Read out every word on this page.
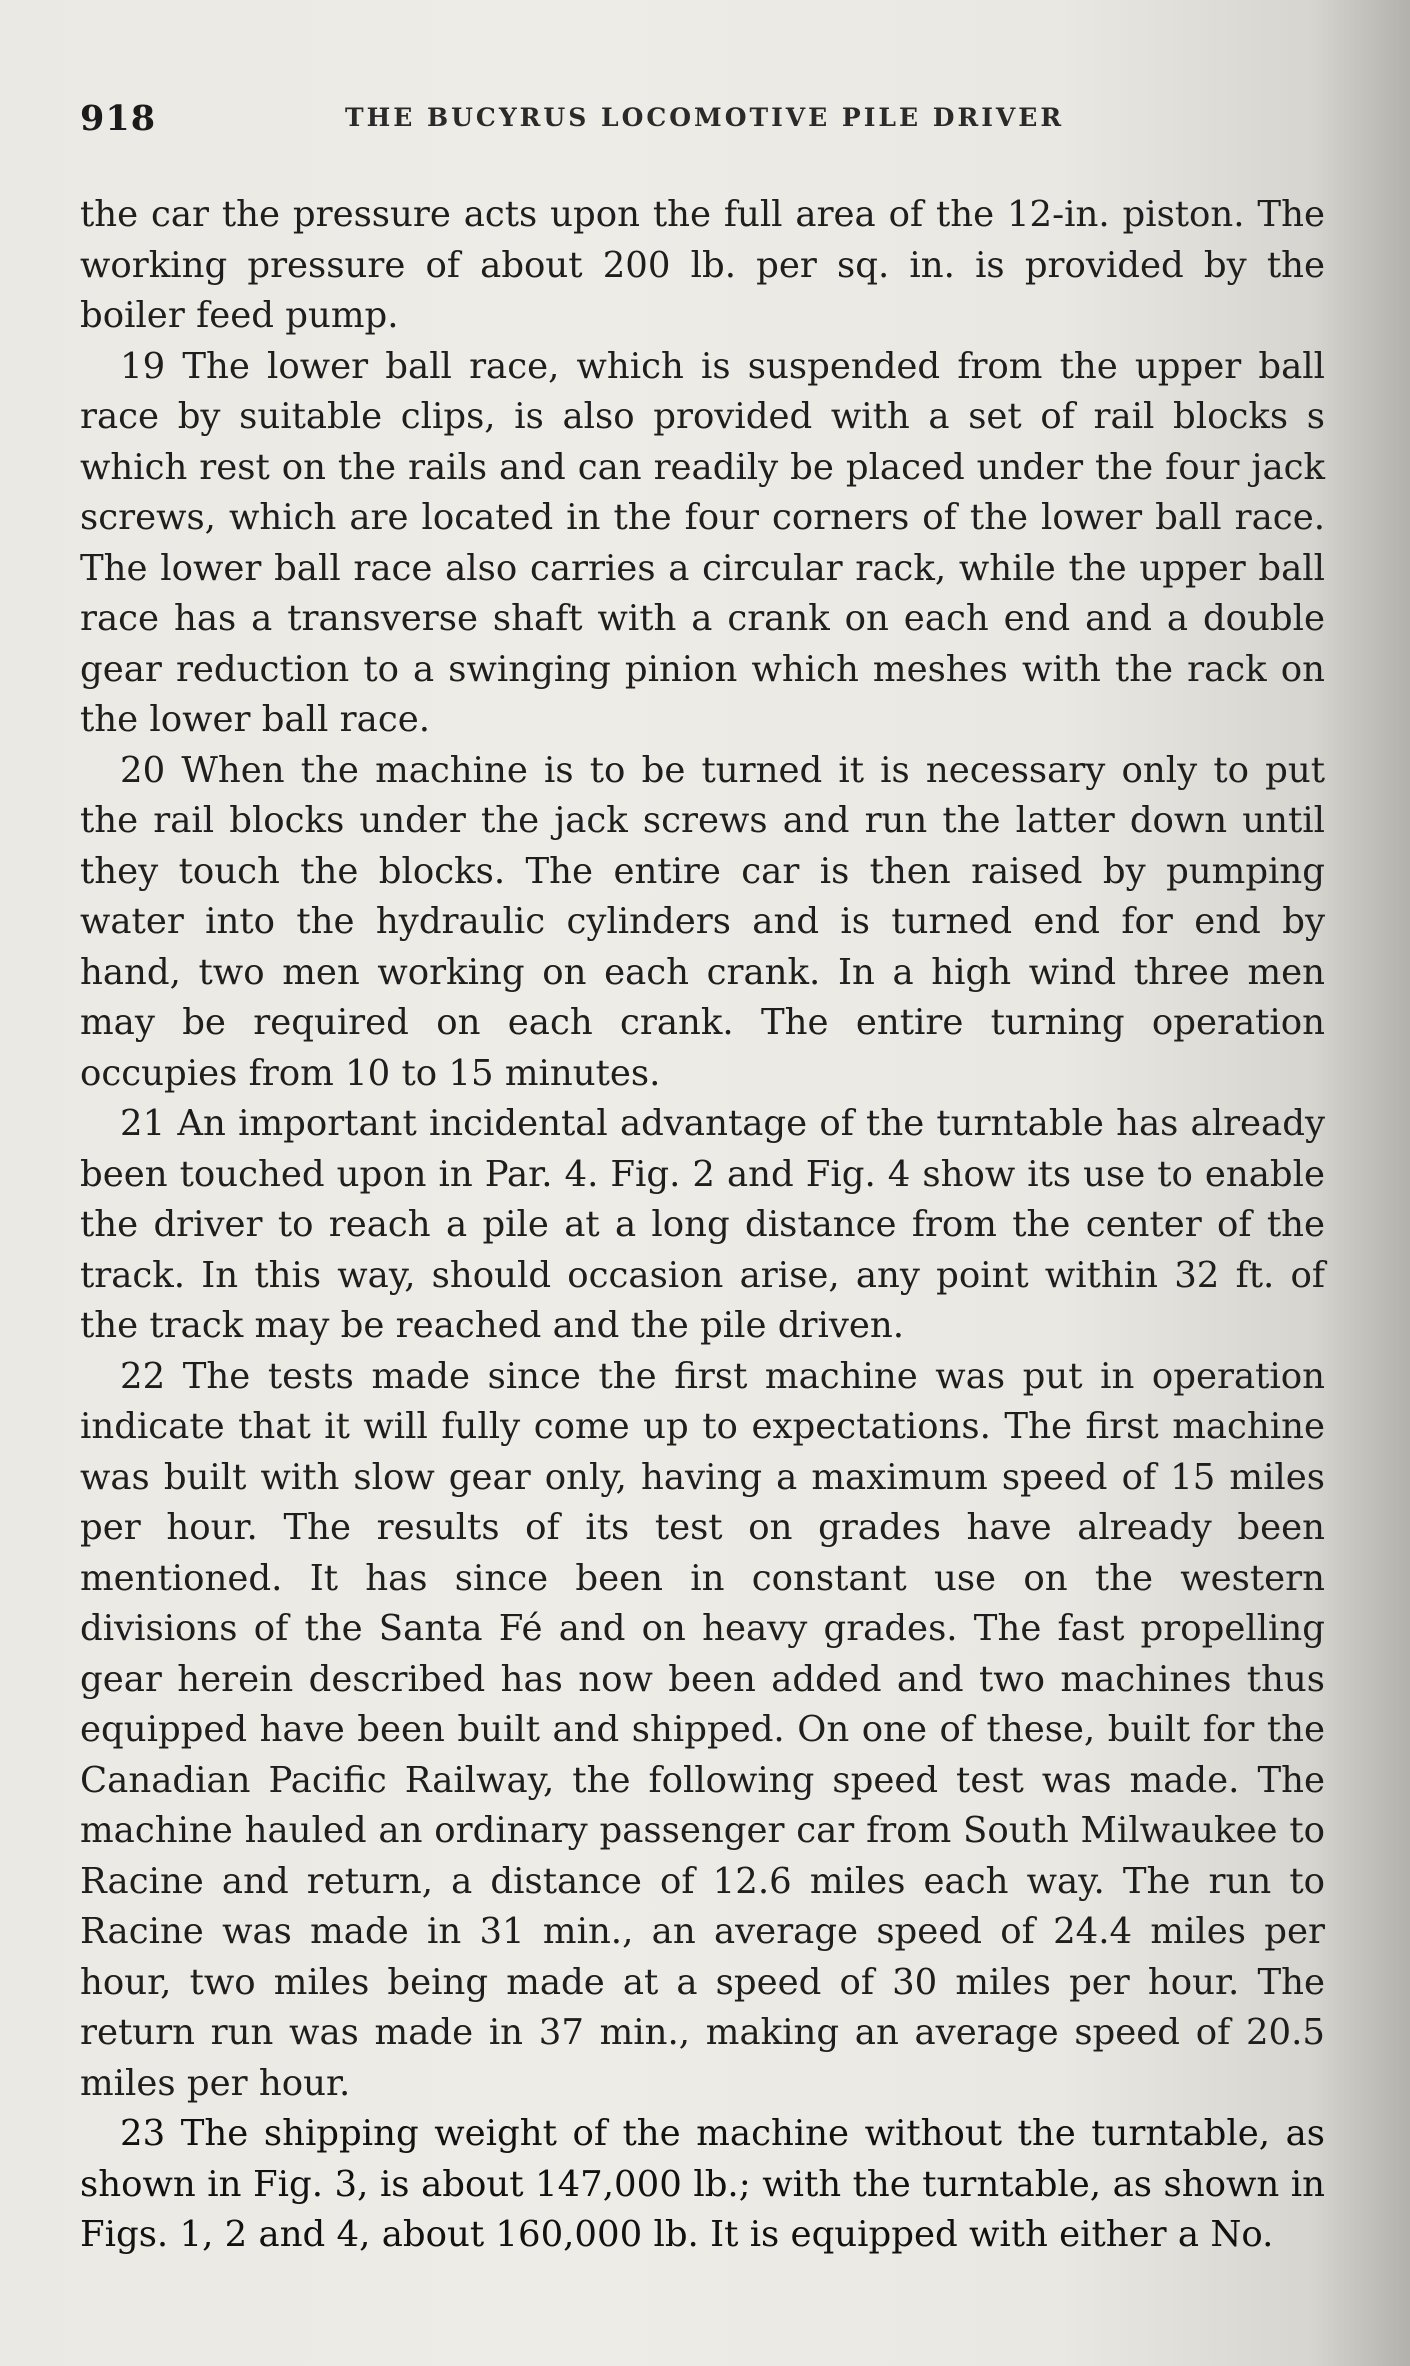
918	THE BUCYRUS LOCOMOTIVE PILE DRIVER

the car the pressure acts upon the full area of the 12-in. piston. The working pressure of about 200 lb. per sq. in. is provided by the boiler feed pump.

19 The lower ball race, which is suspended from the upper ball race by suitable clips, is also provided with a set of rail blocks s which rest on the rails and can readily be placed under the four jack screws, which are located in the four corners of the lower ball race. The lower ball race also carries a circular rack, while the upper ball race has a transverse shaft with a crank on each end and a double gear reduction to a swinging pinion which meshes with the rack on the lower ball race.

20 When the machine is to be turned it is necessary only to put the rail blocks under the jack screws and run the latter down until they touch the blocks. The entire car is then raised by pumping water into the hydraulic cylinders and is turned end for end by hand, two men working on each crank. In a high wind three men may be required on each crank. The entire turning operation occupies from 10 to 15 minutes.

21 An important incidental advantage of the turntable has already been touched upon in Par. 4. Fig. 2 and Fig. 4 show its use to enable the driver to reach a pile at a long distance from the center of the track. In this way, should occasion arise, any point within 32 ft. of the track may be reached and the pile driven.

22 The tests made since the first machine was put in operation indicate that it will fully come up to expectations. The first machine was built with slow gear only, having a maximum speed of 15 miles per hour. The results of its test on grades have already been mentioned. It has since been in constant use on the western divisions of the Santa Fé and on heavy grades. The fast propelling gear herein described has now been added and two machines thus equipped have been built and shipped. On one of these, built for the Canadian Pacific Railway, the following speed test was made. The machine hauled an ordinary passenger car from South Milwaukee to Racine and return, a distance of 12.6 miles each way. The run to Racine was made in 31 min., an average speed of 24.4 miles per hour, two miles being made at a speed of 30 miles per hour. The return run was made in 37 min., making an average speed of 20.5 miles per hour.

23 The shipping weight of the machine without the turntable, as shown in Fig. 3, is about 147,000 lb.; with the turntable, as shown in Figs. 1, 2 and 4, about 160,000 lb. It is equipped with either a No.
